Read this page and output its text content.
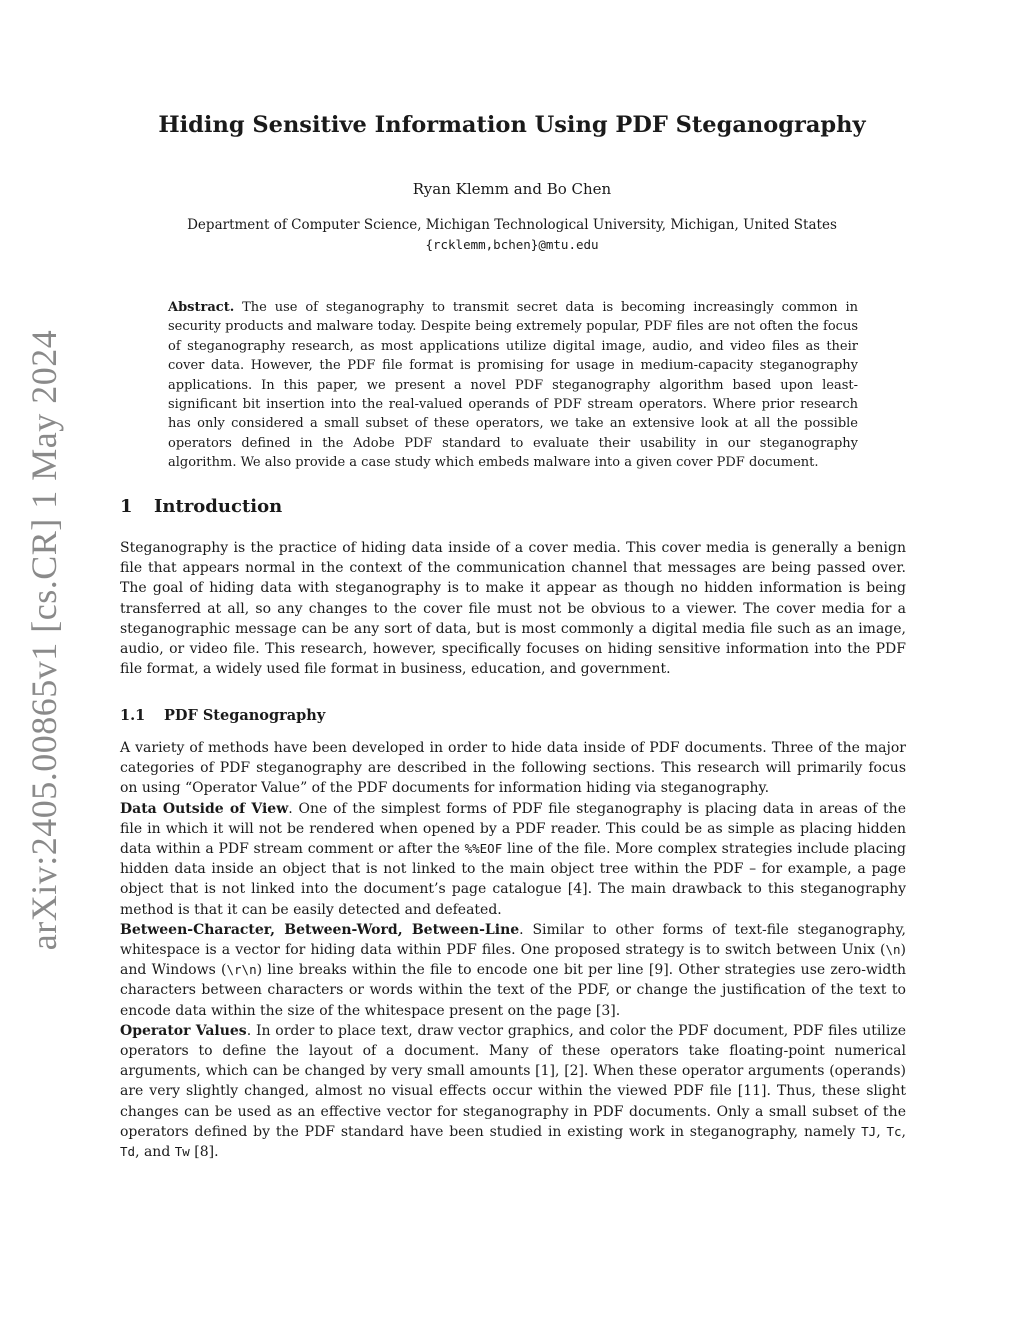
arXiv:2405.00865v1 [cs.CR] 1 May 2024
Hiding Sensitive Information Using PDF Steganography
Ryan Klemm and Bo Chen
Department of Computer Science, Michigan Technological University, Michigan, United States
{rcklemm,bchen}@mtu.edu
Abstract. The use of steganography to transmit secret data is becoming increasingly common in security products and malware today. Despite being extremely popular, PDF files are not often the focus of steganography research, as most applications utilize digital image, audio, and video files as their cover data. However, the PDF file format is promising for usage in medium-capacity steganography applications. In this paper, we present a novel PDF steganography algorithm based upon least-significant bit insertion into the real-valued operands of PDF stream operators. Where prior research has only considered a small subset of these operators, we take an extensive look at all the possible operators defined in the Adobe PDF standard to evaluate their usability in our steganography algorithm. We also provide a case study which embeds malware into a given cover PDF document.
1 Introduction

Steganography is the practice of hiding data inside of a cover media. This cover media is generally a benign file that appears normal in the context of the communication channel that messages are being passed over. The goal of hiding data with steganography is to make it appear as though no hidden information is being transferred at all, so any changes to the cover file must not be obvious to a viewer. The cover media for a steganographic message can be any sort of data, but is most commonly a digital media file such as an image, audio, or video file. This research, however, specifically focuses on hiding sensitive information into the PDF file format, a widely used file format in business, education, and government.

1.1 PDF Steganography

A variety of methods have been developed in order to hide data inside of PDF documents. Three of the major categories of PDF steganography are described in the following sections. This research will primarily focus on using “Operator Value” of the PDF documents for information hiding via steganography.

Data Outside of View. One of the simplest forms of PDF file steganography is placing data in areas of the file in which it will not be rendered when opened by a PDF reader. This could be as simple as placing hidden data within a PDF stream comment or after the %%EOF line of the file. More complex strategies include placing hidden data inside an object that is not linked to the main object tree within the PDF – for example, a page object that is not linked into the document’s page catalogue [4]. The main drawback to this steganography method is that it can be easily detected and defeated.

Between-Character, Between-Word, Between-Line. Similar to other forms of text-file steganography, whitespace is a vector for hiding data within PDF files. One proposed strategy is to switch between Unix (\n) and Windows (\r\n) line breaks within the file to encode one bit per line [9]. Other strategies use zero-width characters between characters or words within the text of the PDF, or change the justification of the text to encode data within the size of the whitespace present on the page [3].

Operator Values. In order to place text, draw vector graphics, and color the PDF document, PDF files utilize operators to define the layout of a document. Many of these operators take floating-point numerical arguments, which can be changed by very small amounts [1], [2]. When these operator arguments (operands) are very slightly changed, almost no visual effects occur within the viewed PDF file [11]. Thus, these slight changes can be used as an effective vector for steganography in PDF documents. Only a small subset of the operators defined by the PDF standard have been studied in existing work in steganography, namely TJ, Tc, Td, and Tw [8].
